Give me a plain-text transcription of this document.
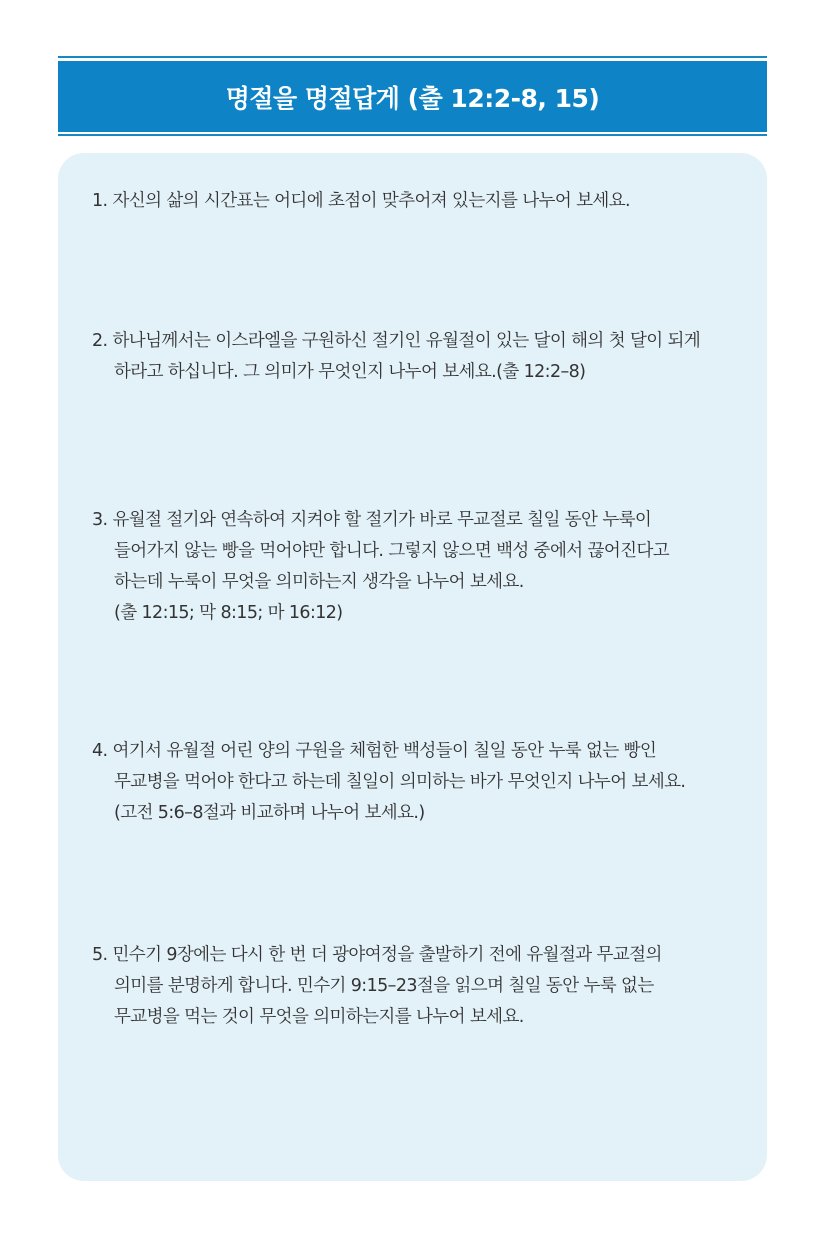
명절을 명절답게 (출 12:2-8, 15)
1. 자신의 삶의 시간표는 어디에 초점이 맞추어져 있는지를 나누어 보세요.
2. 하나님께서는 이스라엘을 구원하신 절기인 유월절이 있는 달이 해의 첫 달이 되게
하라고 하십니다. 그 의미가 무엇인지 나누어 보세요.(출 12:2–8)
3. 유월절 절기와 연속하여 지켜야 할 절기가 바로 무교절로 칠일 동안 누룩이
들어가지 않는 빵을 먹어야만 합니다. 그렇지 않으면 백성 중에서 끊어진다고
하는데 누룩이 무엇을 의미하는지 생각을 나누어 보세요.
(출 12:15; 막 8:15; 마 16:12)
4. 여기서 유월절 어린 양의 구원을 체험한 백성들이 칠일 동안 누룩 없는 빵인
무교병을 먹어야 한다고 하는데 칠일이 의미하는 바가 무엇인지 나누어 보세요.
(고전 5:6–8절과 비교하며 나누어 보세요.)
5. 민수기 9장에는 다시 한 번 더 광야여정을 출발하기 전에 유월절과 무교절의
의미를 분명하게 합니다. 민수기 9:15–23절을 읽으며 칠일 동안 누룩 없는
무교병을 먹는 것이 무엇을 의미하는지를 나누어 보세요.
